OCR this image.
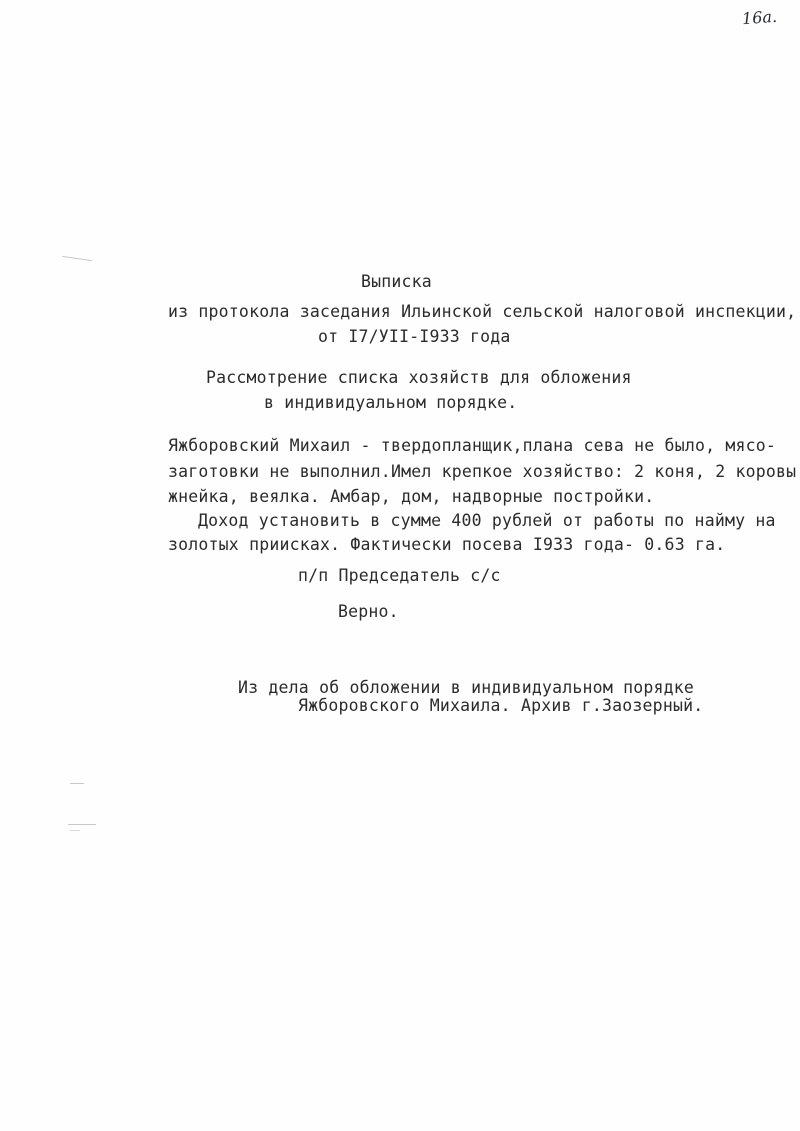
16а.
Выписка
из протокола заседания Ильинской сельской налоговой инспекции,
от I7/УII-I933 года
Рассмотрение списка хозяйств для обложения
в индивидуальном порядке.
Яжборовский Михаил - твердопланщик,плана сева не было, мясо-
заготовки не выполнил.Имел крепкое хозяйство: 2 коня, 2 коровы
жнейка, веялка. Амбар, дом, надворные постройки.
Доход установить в сумме 400 рублей от работы по найму на
золотых приисках. Фактически посева I933 года- 0.63 га.
п/п Председатель с/с
Верно.
Из дела об обложении в индивидуальном порядке
Яжборовского Михаила. Архив г.Заозерный.
